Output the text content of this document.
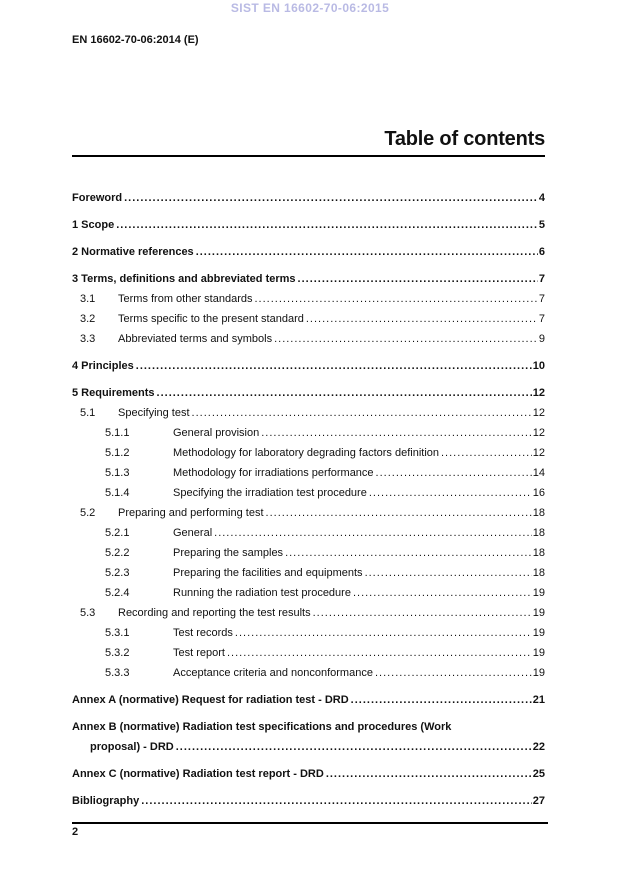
SIST EN 16602-70-06:2015
EN 16602-70-06:2014 (E)
Table of contents
Foreword .....	4
1 Scope .....	5
2 Normative references .....	6
3 Terms, definitions and abbreviated terms .....	7
3.1	Terms from other standards .....	7
3.2	Terms specific to the present standard .....	7
3.3	Abbreviated terms and symbols .....	9
4 Principles .....	10
5 Requirements .....	12
5.1	Specifying test .....	12
5.1.1	General provision .....	12
5.1.2	Methodology for laboratory degrading factors definition .....	12
5.1.3	Methodology for irradiations performance .....	14
5.1.4	Specifying the irradiation test procedure .....	16
5.2	Preparing and performing test .....	18
5.2.1	General .....	18
5.2.2	Preparing the samples .....	18
5.2.3	Preparing the facilities and equipments .....	18
5.2.4	Running the radiation test procedure .....	19
5.3	Recording and reporting the test results .....	19
5.3.1	Test records .....	19
5.3.2	Test report .....	19
5.3.3	Acceptance criteria and nonconformance .....	19
Annex A (normative) Request for radiation test - DRD .....	21
Annex B (normative) Radiation test specifications and procedures (Work
proposal) - DRD .....	22
Annex C (normative) Radiation test report - DRD .....	25
Bibliography .....	27
2
